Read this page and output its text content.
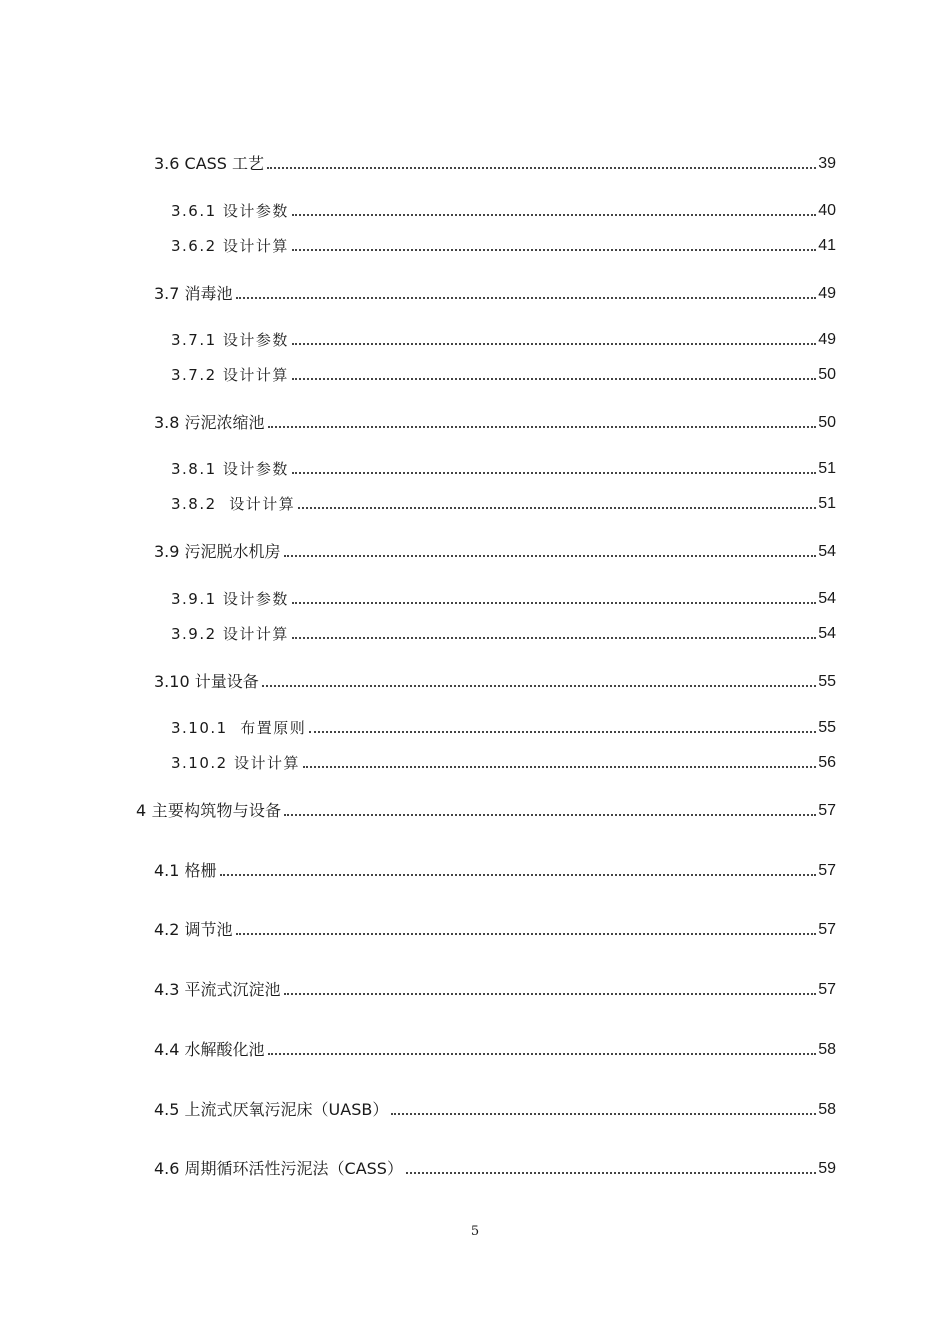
3.6 CASS 工艺	39
3.6.1 设计参数	40
3.6.2 设计计算	41
3.7 消毒池	49
3.7.1 设计参数	49
3.7.2 设计计算	50
3.8 污泥浓缩池	50
3.8.1 设计参数	51
3.8.2  设计计算	51
3.9 污泥脱水机房	54
3.9.1 设计参数	54
3.9.2 设计计算	54
3.10 计量设备	55
3.10.1  布置原则	55
3.10.2 设计计算	56
4 主要构筑物与设备	57
4.1 格栅	57
4.2 调节池	57
4.3 平流式沉淀池	57
4.4 水解酸化池	58
4.5 上流式厌氧污泥床（UASB）	58
4.6 周期循环活性污泥法（CASS）	59
5
